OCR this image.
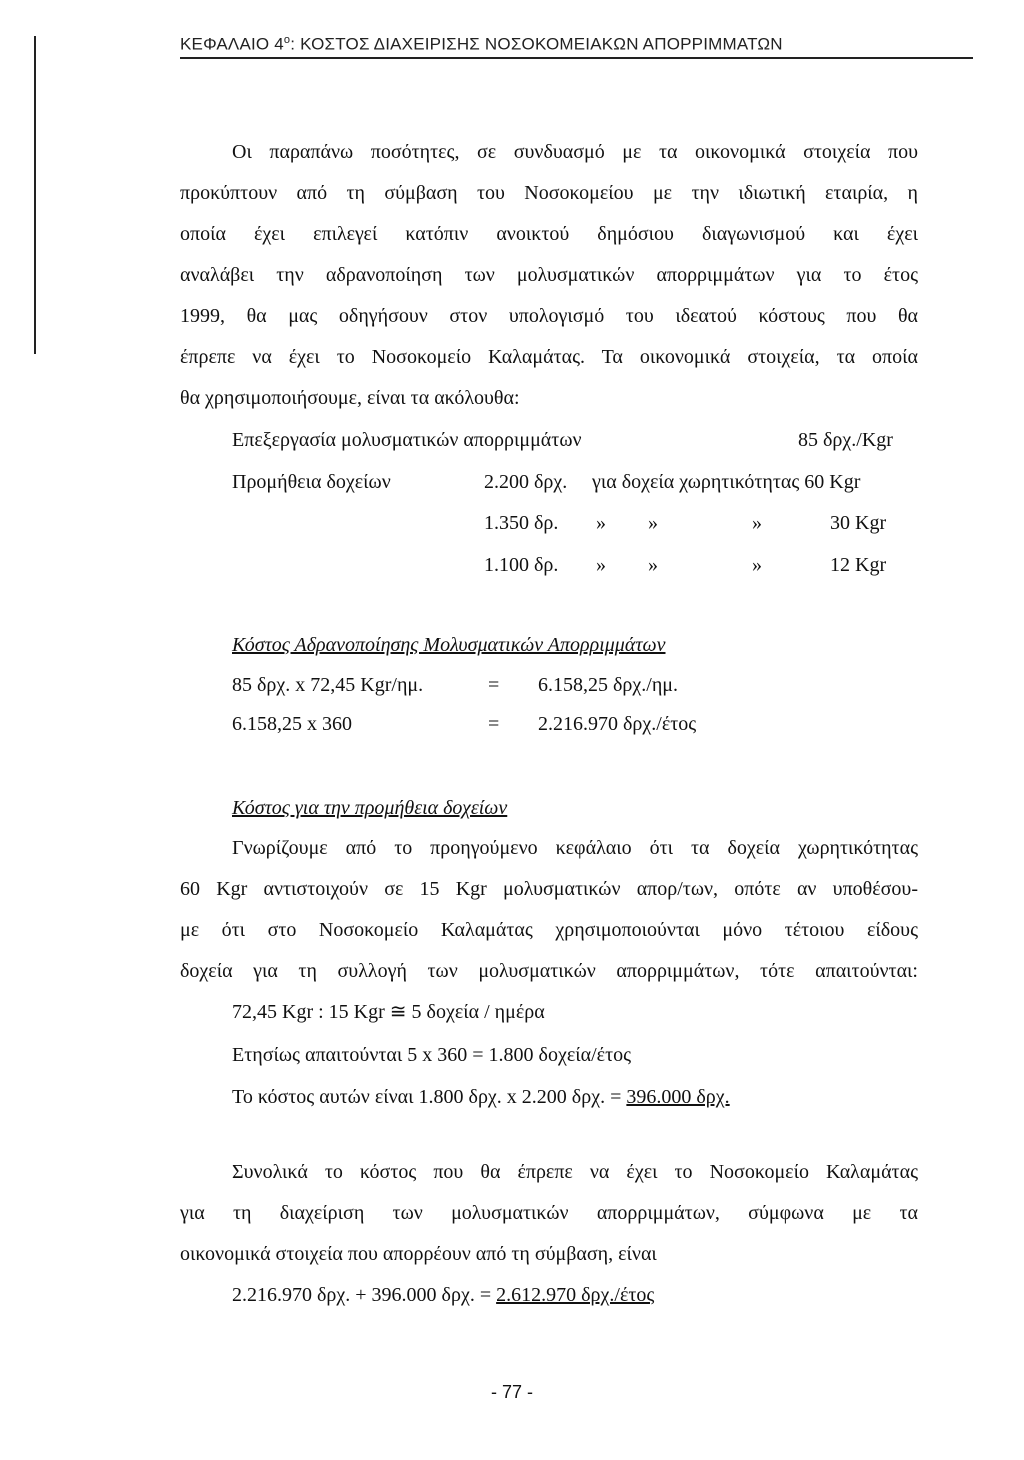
ΚΕΦΑΛΑΙΟ $4^o$: ΚΟΣΤΟΣ ΔΙΑΧΕΙΡΙΣΗΣ ΝΟΣΟΚΟΜΕΙΑΚΩΝ ΑΠΟΡΡΙΜΜΑΤΩΝ
Οι παραπάνω ποσότητες, σε συνδυασμό με τα οικονομικά στοιχεία που
προκύπτουν από τη σύμβαση του Νοσοκομείου με την ιδιωτική εταιρία, η
οποία έχει επιλεγεί κατόπιν ανοικτού δημόσιου διαγωνισμού και έχει
αναλάβει την αδρανοποίηση των μολυσματικών απορριμμάτων για το έτος
1999, θα μας οδηγήσουν στον υπολογισμό του ιδεατού κόστους που θα
έπρεπε να έχει το Νοσοκομείο Καλαμάτας. Τα οικονομικά στοιχεία, τα οποία
θα χρησιμοποιήσουμε, είναι τα ακόλουθα:
Επεξεργασία μολυσματικών απορριμμάτων	85 δρχ./Kgr
Προμήθεια δοχείων	2.200 δρχ. για δοχεία χωρητικότητας 60 Kgr
1.350 δρ. » »	»	30 Kgr
1.100 δρ. » »	»	12 Kgr
Κόστος Αδρανοποίησης Μολυσματικών Απορριμμάτων
85 δρχ. x 72,45 Kgr/ημ.	= 6.158,25 δρχ./ημ.
6.158,25 x 360	= 2.216.970 δρχ./έτος
Κόστος για την προμήθεια δοχείων
Γνωρίζουμε από το προηγούμενο κεφάλαιο ότι τα δοχεία χωρητικότητας
60 Kgr αντιστοιχούν σε 15 Kgr μολυσματικών απορ/των, οπότε αν υποθέσου-
με ότι στο Νοσοκομείο Καλαμάτας χρησιμοποιούνται μόνο τέτοιου είδους
δοχεία για τη συλλογή των μολυσματικών απορριμμάτων, τότε απαιτούνται:
72,45 Kgr : 15 Kgr ≅ 5 δοχεία / ημέρα
Ετησίως απαιτούνται 5 x 360 = 1.800 δοχεία/έτος
Το κόστος αυτών είναι 1.800 δρχ. x 2.200 δρχ. = 396.000 δρχ.
Συνολικά το κόστος που θα έπρεπε να έχει το Νοσοκομείο Καλαμάτας
για τη διαχείριση των μολυσματικών απορριμμάτων, σύμφωνα με τα
οικονομικά στοιχεία που απορρέουν από τη σύμβαση, είναι
2.216.970 δρχ. + 396.000 δρχ. = 2.612.970 δρχ./έτος
- 77 -
